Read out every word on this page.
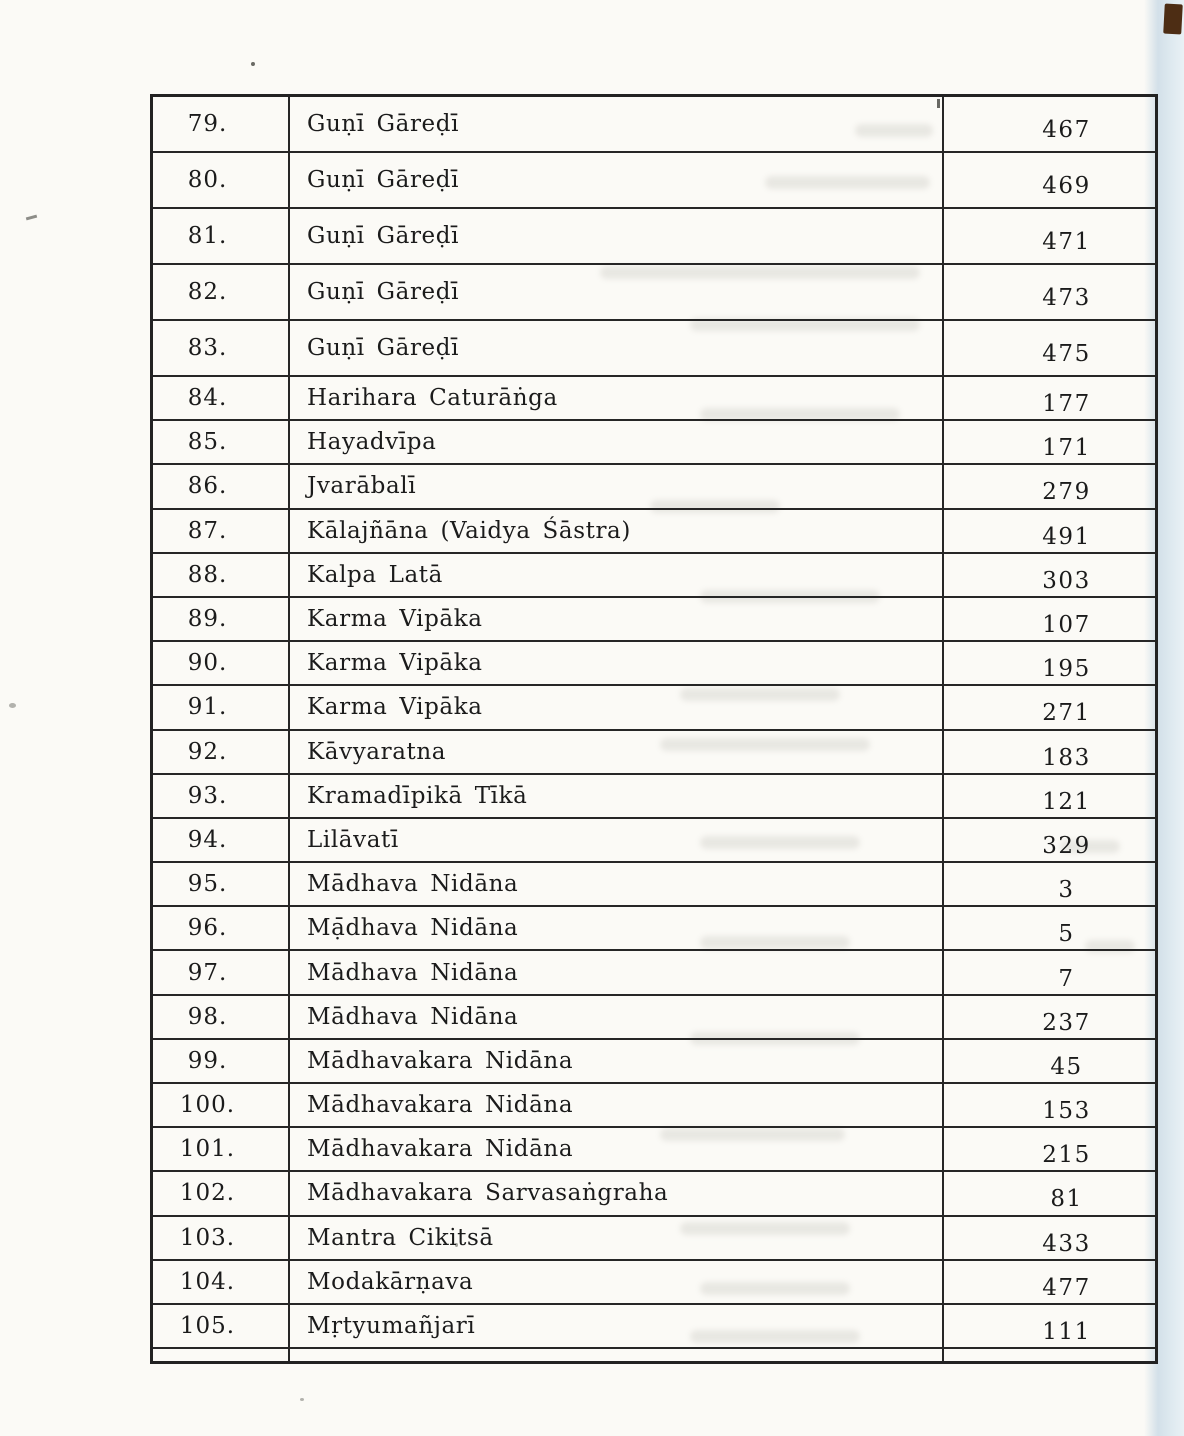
79.	Guṇī Gāreḍī	467
80.	Guṇī Gāreḍī	469
81.	Guṇī Gāreḍī	471
82.	Guṇī Gāreḍī	473
83.	Guṇī Gāreḍī	475
84.	Harihara Caturāṅga	177
85.	Hayadvīpa	171
86.	Jvarābalī	279
87.	Kālajñāna (Vaidya Śāstra)	491
88.	Kalpa Latā	303
89.	Karma Vipāka	107
90.	Karma Vipāka	195
91.	Karma Vipāka	271
92.	Kāvyaratna	183
93.	Kramadīpikā Tīkā	121
94.	Lilāvatī	329
95.	Mādhava Nidāna	3
96.	Mạ̄dhava Nidāna	5
97.	Mādhava Nidāna	7
98.	Mādhava Nidāna	237
99.	Mādhavakara Nidāna	45
100.	Mādhavakara Nidāna	153
101.	Mādhavakara Nidāna	215
102.	Mādhavakara Sarvasaṅgraha	81
103.	Mantra Cikitsā	433
104.	Modakārṇava	477
105.	Mṛtyumañjarī	111
